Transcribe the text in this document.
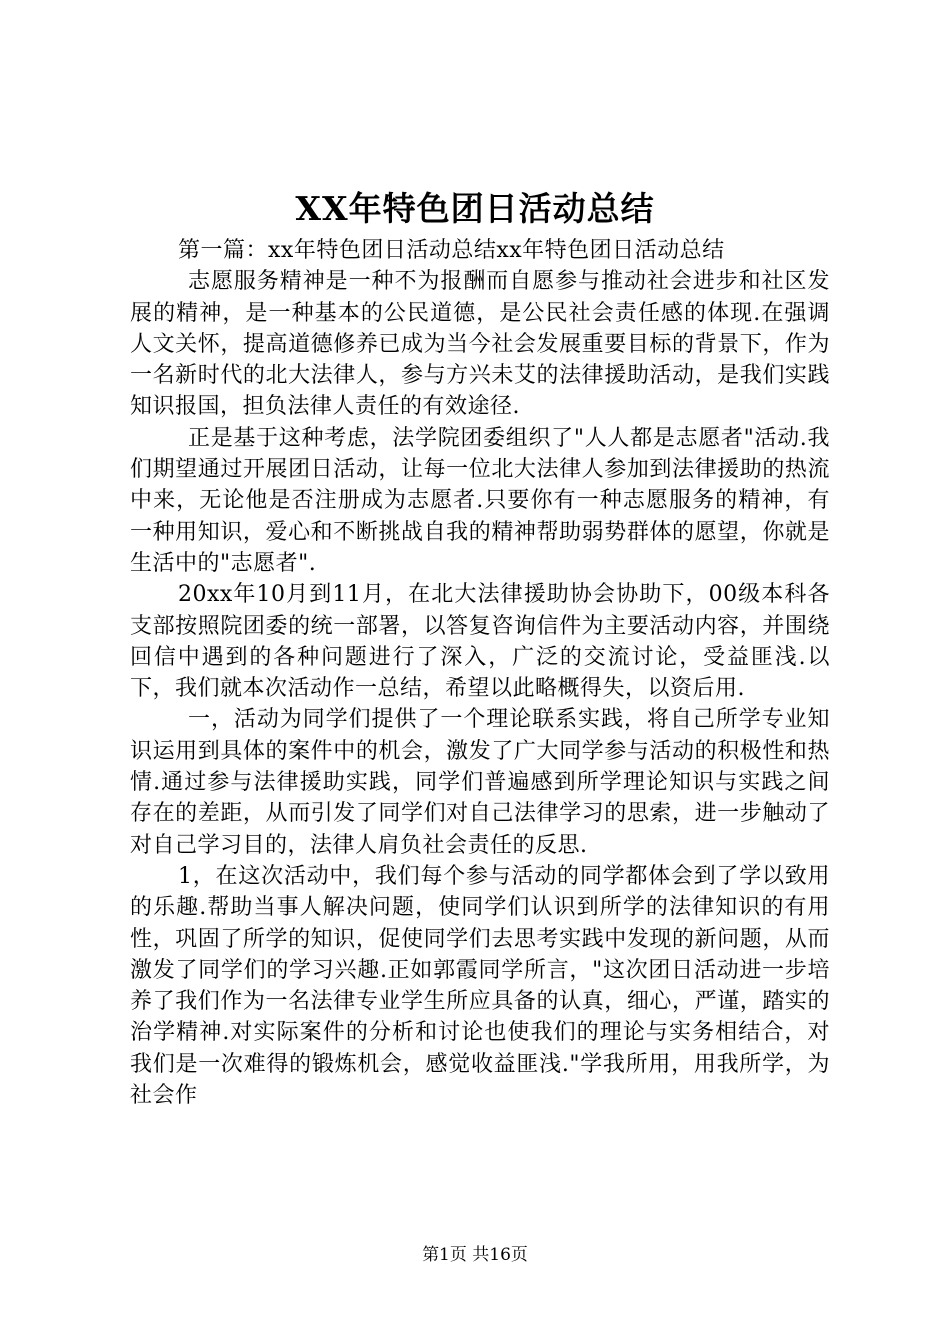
XX年特色团日活动总结

第一篇：xx年特色团日活动总结xx年特色团日活动总结

志愿服务精神是一种不为报酬而自愿参与推动社会进步和社区发展的精神，是一种基本的公民道德，是公民社会责任感的体现.在强调人文关怀，提高道德修养已成为当今社会发展重要目标的背景下，作为一名新时代的北大法律人，参与方兴未艾的法律援助活动，是我们实践知识报国，担负法律人责任的有效途径.

正是基于这种考虑，法学院团委组织了"人人都是志愿者"活动.我们期望通过开展团日活动，让每一位北大法律人参加到法律援助的热流中来，无论他是否注册成为志愿者.只要你有一种志愿服务的精神，有一种用知识，爱心和不断挑战自我的精神帮助弱势群体的愿望，你就是生活中的"志愿者".

20xx年10月到11月，在北大法律援助协会协助下，00级本科各支部按照院团委的统一部署，以答复咨询信件为主要活动内容，并围绕回信中遇到的各种问题进行了深入，广泛的交流讨论，受益匪浅.以下，我们就本次活动作一总结，希望以此略概得失，以资后用.

一，活动为同学们提供了一个理论联系实践，将自己所学专业知识运用到具体的案件中的机会，激发了广大同学参与活动的积极性和热情.通过参与法律援助实践，同学们普遍感到所学理论知识与实践之间存在的差距，从而引发了同学们对自己法律学习的思索，进一步触动了对自己学习目的，法律人肩负社会责任的反思.

1，在这次活动中，我们每个参与活动的同学都体会到了学以致用的乐趣.帮助当事人解决问题，使同学们认识到所学的法律知识的有用性，巩固了所学的知识，促使同学们去思考实践中发现的新问题，从而激发了同学们的学习兴趣.正如郭霞同学所言，"这次团日活动进一步培养了我们作为一名法律专业学生所应具备的认真，细心，严谨，踏实的治学精神.对实际案件的分析和讨论也使我们的理论与实务相结合，对我们是一次难得的锻炼机会，感觉收益匪浅."学我所用，用我所学，为社会作

第1页 共16页
